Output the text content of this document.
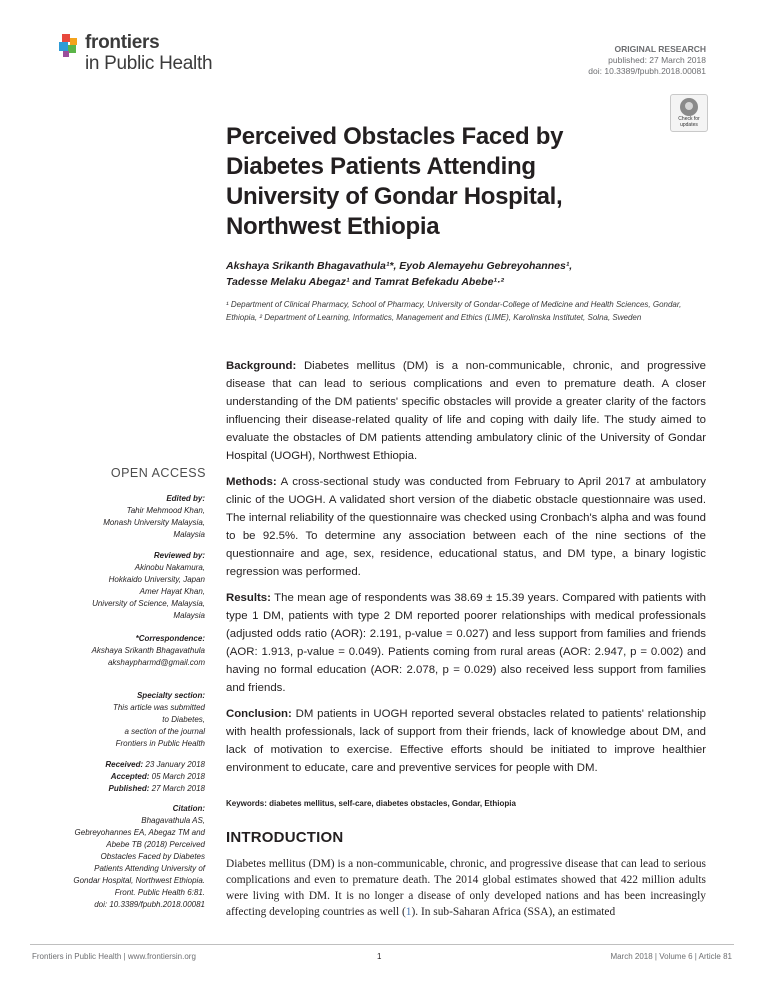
frontiers
in Public Health
ORIGINAL RESEARCH
published: 27 March 2018
doi: 10.3389/fpubh.2018.00081
Check for updates
Perceived Obstacles Faced by Diabetes Patients Attending University of Gondar Hospital, Northwest Ethiopia
Akshaya Srikanth Bhagavathula¹*, Eyob Alemayehu Gebreyohannes¹,
Tadesse Melaku Abegaz¹ and Tamrat Befekadu Abebe¹·²
¹ Department of Clinical Pharmacy, School of Pharmacy, University of Gondar-College of Medicine and Health Sciences, Gondar, Ethiopia, ² Department of Learning, Informatics, Management and Ethics (LIME), Karolinska Institutet, Solna, Sweden

Background: Diabetes mellitus (DM) is a non-communicable, chronic, and progressive disease that can lead to serious complications and even to premature death. A closer understanding of the DM patients' specific obstacles will provide a greater clarity of the factors influencing their disease-related quality of life and coping with daily life. The study aimed to evaluate the obstacles of DM patients attending ambulatory clinic of the University of Gondar Hospital (UOGH), Northwest Ethiopia.

Methods: A cross-sectional study was conducted from February to April 2017 at ambulatory clinic of the UOGH. A validated short version of the diabetic obstacle questionnaire was used. The internal reliability of the questionnaire was checked using Cronbach's alpha and was found to be 92.5%. To determine any association between each of the nine sections of the questionnaire and age, sex, residence, educational status, and DM type, a binary logistic regression was performed.

Results: The mean age of respondents was 38.69 ± 15.39 years. Compared with patients with type 1 DM, patients with type 2 DM reported poorer relationships with medical professionals (adjusted odds ratio (AOR): 2.191, p-value = 0.027) and less support from families and friends (AOR: 1.913, p-value = 0.049). Patients coming from rural areas (AOR: 2.947, p = 0.002) and having no formal education (AOR: 2.078, p = 0.029) also received less support from families and friends.

Conclusion: DM patients in UOGH reported several obstacles related to patients' relationship with health professionals, lack of support from their friends, lack of knowledge about DM, and lack of motivation to exercise. Effective efforts should be initiated to improve healthier environment to educate, care and preventive services for people with DM.

Keywords: diabetes mellitus, self-care, diabetes obstacles, Gondar, Ethiopia
INTRODUCTION
Diabetes mellitus (DM) is a non-communicable, chronic, and progressive disease that can lead to serious complications and even to premature death. The 2014 global estimates showed that 422 million adults were living with DM. It is no longer a disease of only developed nations and has been increasingly affecting developing countries as well (1). In sub-Saharan Africa (SSA), an estimated
OPEN ACCESS
Edited by:
Tahir Mehmood Khan,
Monash University Malaysia,
Malaysia
Reviewed by:
Akinobu Nakamura,
Hokkaido University, Japan
Amer Hayat Khan,
University of Science, Malaysia,
Malaysia
*Correspondence:
Akshaya Srikanth Bhagavathula
akshaypharmd@gmail.com
Specialty section:
This article was submitted
to Diabetes,
a section of the journal
Frontiers in Public Health
Received: 23 January 2018
Accepted: 05 March 2018
Published: 27 March 2018
Citation:
Bhagavathula AS,
Gebreyohannes EA, Abegaz TM and
Abebe TB (2018) Perceived
Obstacles Faced by Diabetes
Patients Attending University of
Gondar Hospital, Northwest Ethiopia.
Front. Public Health 6:81.
doi: 10.3389/fpubh.2018.00081
Frontiers in Public Health | www.frontiersin.org	1	March 2018 | Volume 6 | Article 81
